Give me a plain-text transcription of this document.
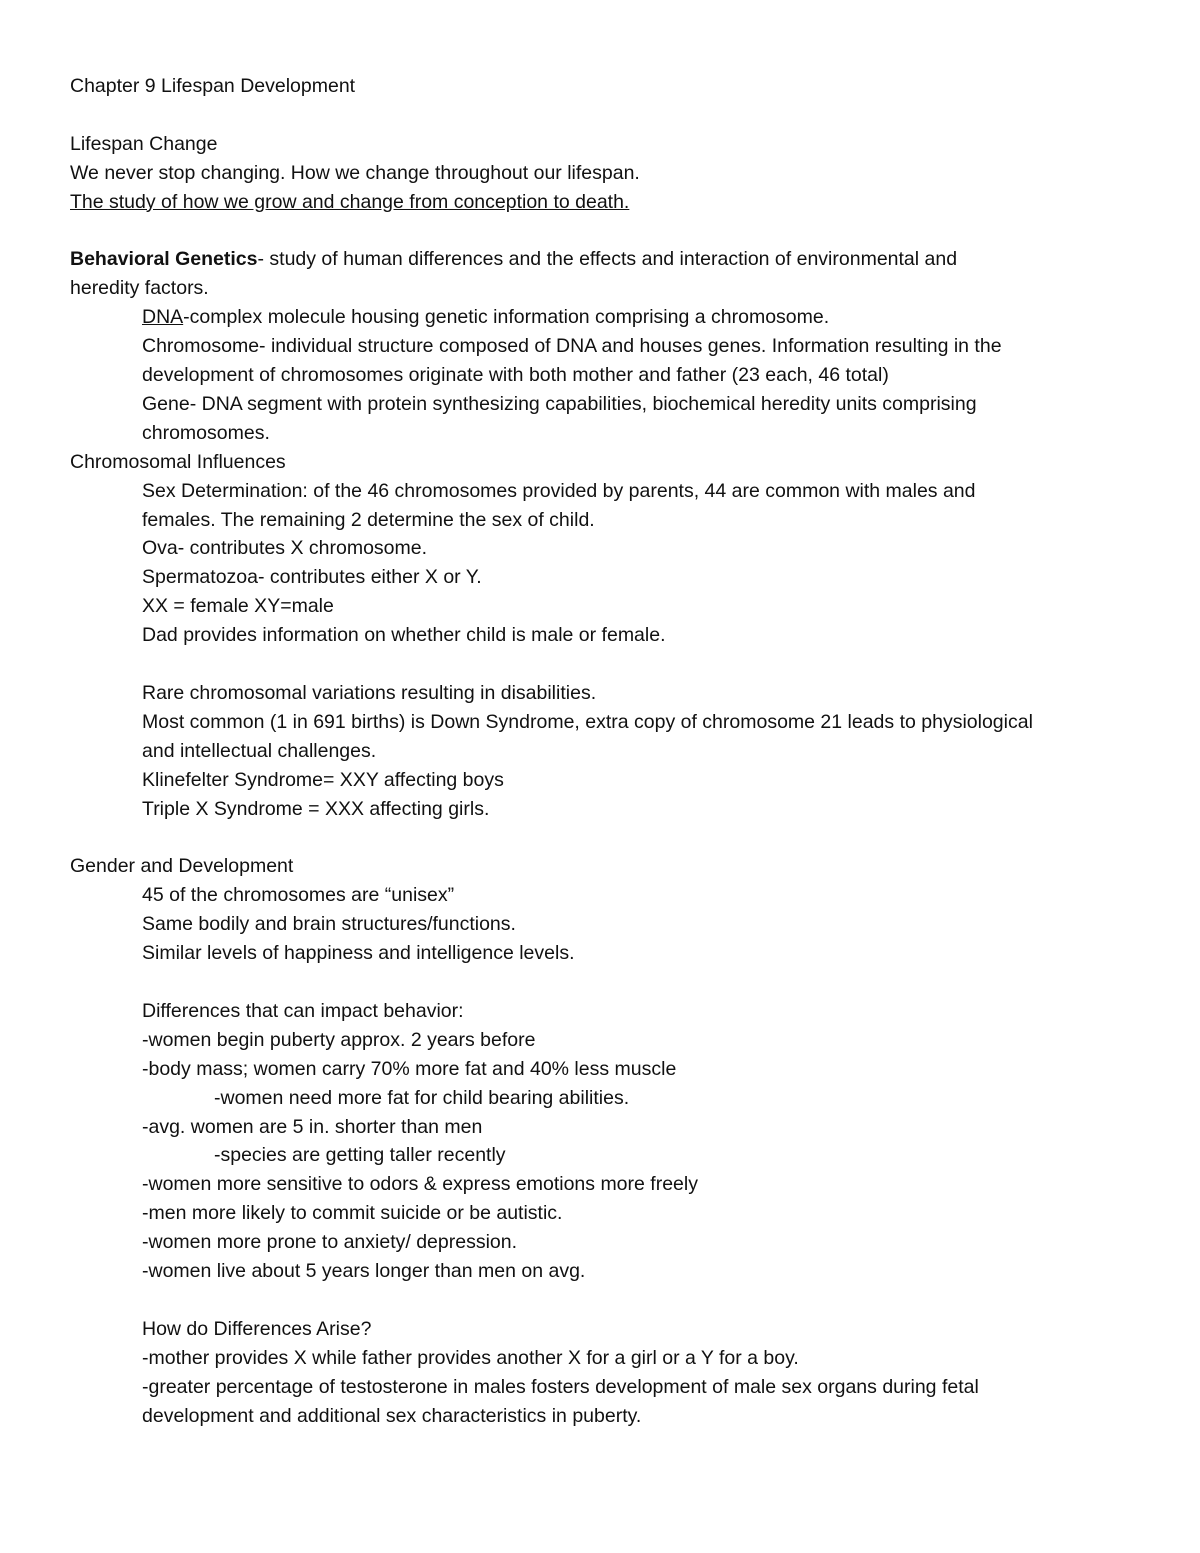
Chapter 9 Lifespan Development
Lifespan Change
We never stop changing. How we change throughout our lifespan.
The study of how we grow and change from conception to death.
Behavioral Genetics- study of human differences and the effects and interaction of environmental and
heredity factors.
DNA-complex molecule housing genetic information comprising a chromosome.
Chromosome- individual structure composed of DNA and houses genes. Information resulting in the
development of chromosomes originate with both mother and father (23 each, 46 total)
Gene- DNA segment with protein synthesizing capabilities, biochemical heredity units comprising
chromosomes.
Chromosomal Influences
Sex Determination: of the 46 chromosomes provided by parents, 44 are common with males and
females. The remaining 2 determine the sex of child.
Ova- contributes X chromosome.
Spermatozoa- contributes either X or Y.
XX = female XY=male
Dad provides information on whether child is male or female.
Rare chromosomal variations resulting in disabilities.
Most common (1 in 691 births) is Down Syndrome, extra copy of chromosome 21 leads to physiological
and intellectual challenges.
Klinefelter Syndrome= XXY affecting boys
Triple X Syndrome = XXX affecting girls.
Gender and Development
45 of the chromosomes are “unisex”
Same bodily and brain structures/functions.
Similar levels of happiness and intelligence levels.
Differences that can impact behavior:
-women begin puberty approx. 2 years before
-body mass; women carry 70% more fat and 40% less muscle
-women need more fat for child bearing abilities.
-avg. women are 5 in. shorter than men
-species are getting taller recently
-women more sensitive to odors & express emotions more freely
-men more likely to commit suicide or be autistic.
-women more prone to anxiety/ depression.
-women live about 5 years longer than men on avg.
How do Differences Arise?
-mother provides X while father provides another X for a girl or a Y for a boy.
-greater percentage of testosterone in males fosters development of male sex organs during fetal
development and additional sex characteristics in puberty.
